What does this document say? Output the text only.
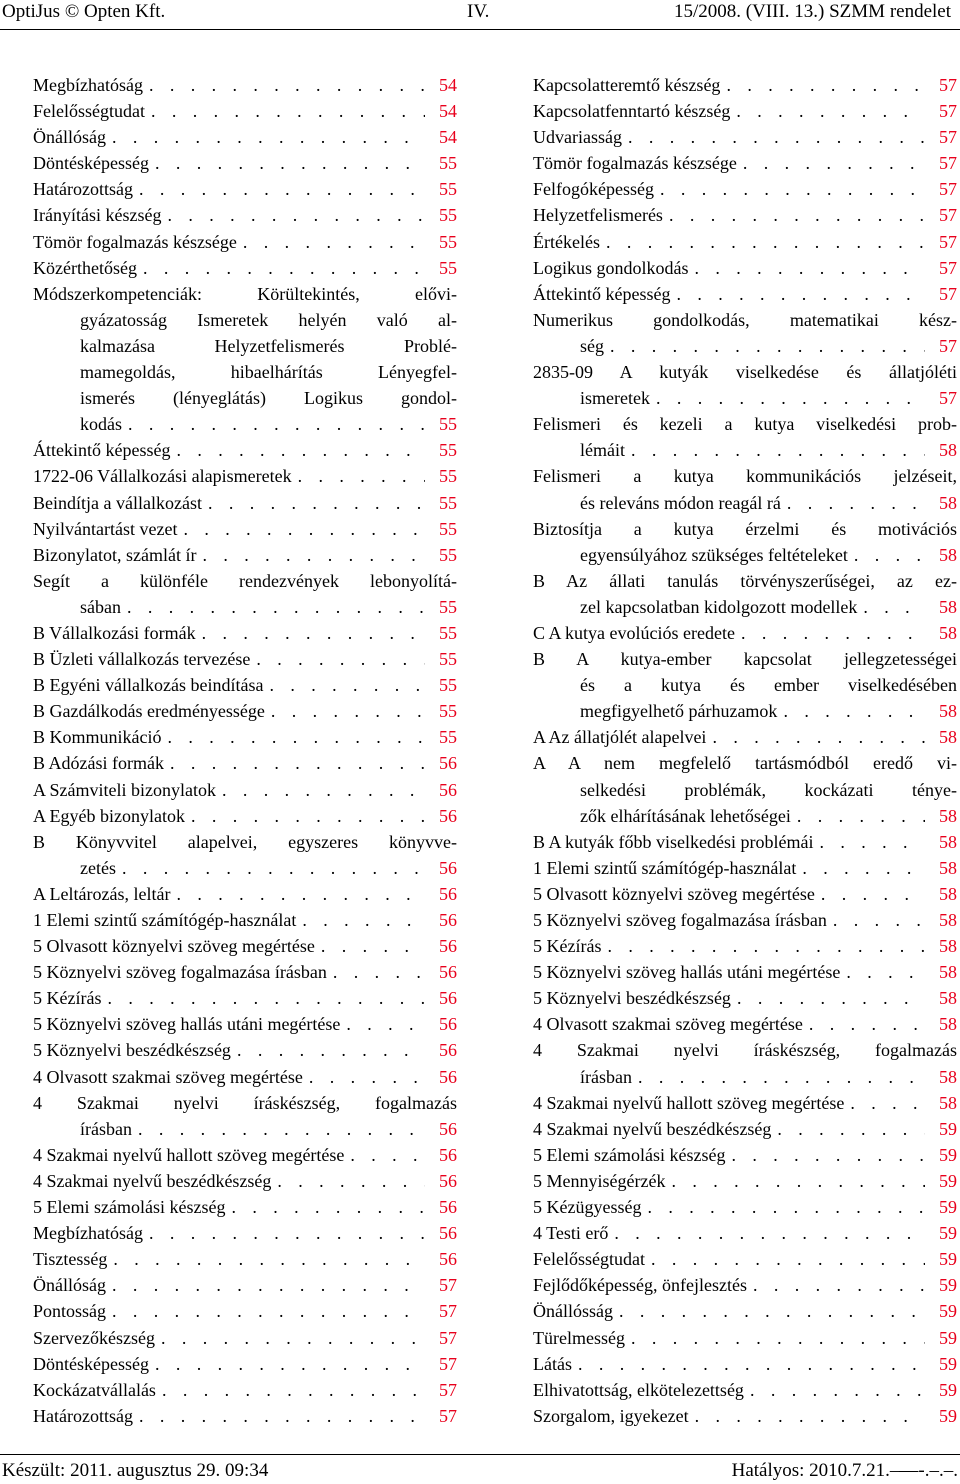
OptiJus © Opten Kft.	IV.	15/2008. (VIII. 13.) SZMM rendelet
Megbízhatóság . . .	54
Felelősségtudat . . .	54
Önállóság . . .	54
Döntésképesség . . .	55
Határozottság . . .	55
Irányítási készség . . .	55
Tömör fogalmazás készsége . . .	55
Közérthetőség . . .	55
Módszerkompetenciák: Körültekintés, elővi-
gyázatosság Ismeretek helyén való al-
kalmazása Helyzetfelismerés Problé-
mamegoldás, hibaelhárítás Lényegfel-
ismerés (lényeglátás) Logikus gondol-
kodás . . .	55
Áttekintő képesség . . .	55
1722-06 Vállalkozási alapismeretek . . .	55
Beindítja a vállalkozást . . .	55
Nyilvántartást vezet . . .	55
Bizonylatot, számlát ír . . .	55
Segít a különféle rendezvények lebonyolítá-
sában . . .	55
B Vállalkozási formák . . .	55
B Üzleti vállalkozás tervezése . . .	55
B Egyéni vállalkozás beindítása . . .	55
B Gazdálkodás eredményessége . . .	55
B Kommunikáció . . .	55
B Adózási formák . . .	56
A Számviteli bizonylatok . . .	56
A Egyéb bizonylatok . . .	56
B Könyvvitel alapelvei, egyszeres könyvve-
zetés . . .	56
A Leltározás, leltár . . .	56
1 Elemi szintű számítógép-használat . . .	56
5 Olvasott köznyelvi szöveg megértése . . .	56
5 Köznyelvi szöveg fogalmazása írásban . . .	56
5 Kézírás . . .	56
5 Köznyelvi szöveg hallás utáni megértése . . .	56
5 Köznyelvi beszédkészség . . .	56
4 Olvasott szakmai szöveg megértése . . .	56
4 Szakmai nyelvi íráskészség, fogalmazás
írásban . . .	56
4 Szakmai nyelvű hallott szöveg megértése . . .	56
4 Szakmai nyelvű beszédkészség . . .	56
5 Elemi számolási készség . . .	56
Megbízhatóság . . .	56
Tisztesség . . .	56
Önállóság . . .	57
Pontosság . . .	57
Szervezőkészség . . .	57
Döntésképesség . . .	57
Kockázatvállalás . . .	57
Határozottság . . .	57
Kapcsolatteremtő készség . . .	57
Kapcsolatfenntartó készség . . .	57
Udvariasság . . .	57
Tömör fogalmazás készsége . . .	57
Felfogóképesség . . .	57
Helyzetfelismerés . . .	57
Értékelés . . .	57
Logikus gondolkodás . . .	57
Áttekintő képesség . . .	57
Numerikus gondolkodás, matematikai kész-
ség . . .	57
2835-09 A kutyák viselkedése és állatjóléti
ismeretek . . .	57
Felismeri és kezeli a kutya viselkedési prob-
lémáit . . .	58
Felismeri a kutya kommunikációs jelzéseit,
és releváns módon reagál rá . . .	58
Biztosítja a kutya érzelmi és motivációs
egyensúlyához szükséges feltételeket . . .	58
B Az állati tanulás törvényszerűségei, az ez-
zel kapcsolatban kidolgozott modellek . . .	58
C A kutya evolúciós eredete . . .	58
B A kutya-ember kapcsolat jellegzetességei
és a kutya és ember viselkedésében
megfigyelhető párhuzamok . . .	58
A Az állatjólét alapelvei . . .	58
A A nem megfelelő tartásmódból eredő vi-
selkedési problémák, kockázati ténye-
zők elhárításának lehetőségei . . .	58
B A kutyák főbb viselkedési problémái . . .	58
1 Elemi szintű számítógép-használat . . .	58
5 Olvasott köznyelvi szöveg megértése . . .	58
5 Köznyelvi szöveg fogalmazása írásban . . .	58
5 Kézírás . . .	58
5 Köznyelvi szöveg hallás utáni megértése . . .	58
5 Köznyelvi beszédkészség . . .	58
4 Olvasott szakmai szöveg megértése . . .	58
4 Szakmai nyelvi íráskészség, fogalmazás
írásban . . .	58
4 Szakmai nyelvű hallott szöveg megértése . . .	58
4 Szakmai nyelvű beszédkészség . . .	59
5 Elemi számolási készség . . .	59
5 Mennyiségérzék . . .	59
5 Kézügyesség . . .	59
4 Testi erő . . .	59
Felelősségtudat . . .	59
Fejlődőképesség, önfejlesztés . . .	59
Önállósság . . .	59
Türelmesség . . .	59
Látás . . .	59
Elhivatottság, elkötelezettség . . .	59
Szorgalom, igyekezet . . .	59
Készült: 2011. augusztus 29. 09:34	Hatályos: 2010.7.21.–—-.–.–.
